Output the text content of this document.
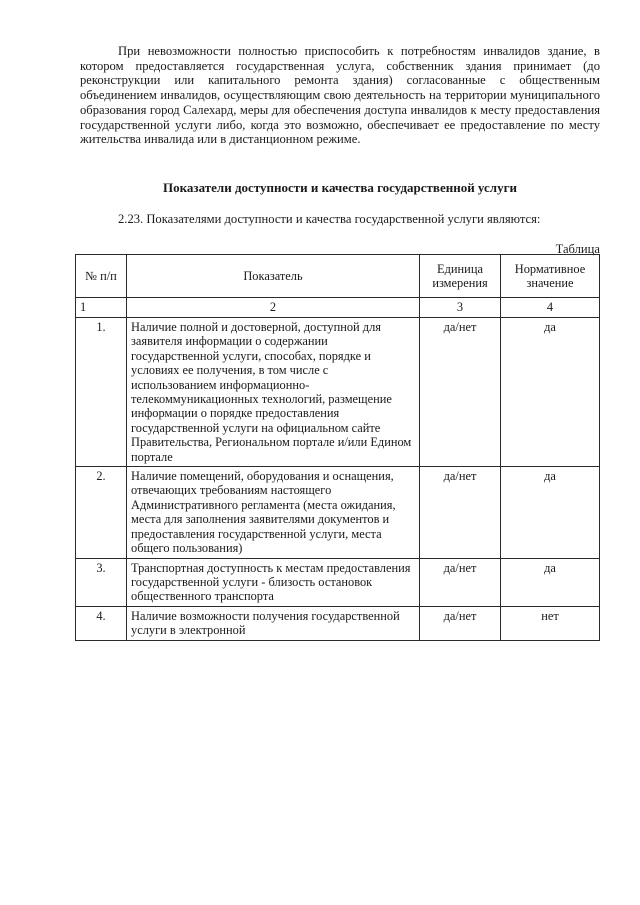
При невозможности полностью приспособить к потребностям инвалидов здание, в котором предоставляется государственная услуга, собственник здания принимает (до реконструкции или капитального ремонта здания) согласованные с общественным объединением инвалидов, осуществляющим свою деятельность на территории муниципального образования город Салехард, меры для обеспечения доступа инвалидов к месту предоставления государственной услуги либо, когда это возможно, обеспечивает ее предоставление по месту жительства инвалида или в дистанционном режиме.
Показатели доступности и качества государственной услуги
2.23. Показателями доступности и качества государственной услуги являются:
Таблица
№ п/п	Показатель	Единица измерения	Нормативное значение
1	2	3	4
1.	Наличие полной и достоверной, доступной для заявителя информации о содержании государственной услуги, способах, порядке и условиях ее получения, в том числе с использованием информационно-телекоммуникационных технологий, размещение информации о порядке предоставления государственной услуги на официальном сайте Правительства, Региональном портале и/или Едином портале	да/нет	да
2.	Наличие помещений, оборудования и оснащения, отвечающих требованиям настоящего Административного регламента (места ожидания, места для заполнения заявителями документов и предоставления государственной услуги, места общего пользования)	да/нет	да
3.	Транспортная доступность к местам предоставления государственной услуги - близость остановок общественного транспорта	да/нет	да
4.	Наличие возможности получения государственной услуги в электронной	да/нет	нет
